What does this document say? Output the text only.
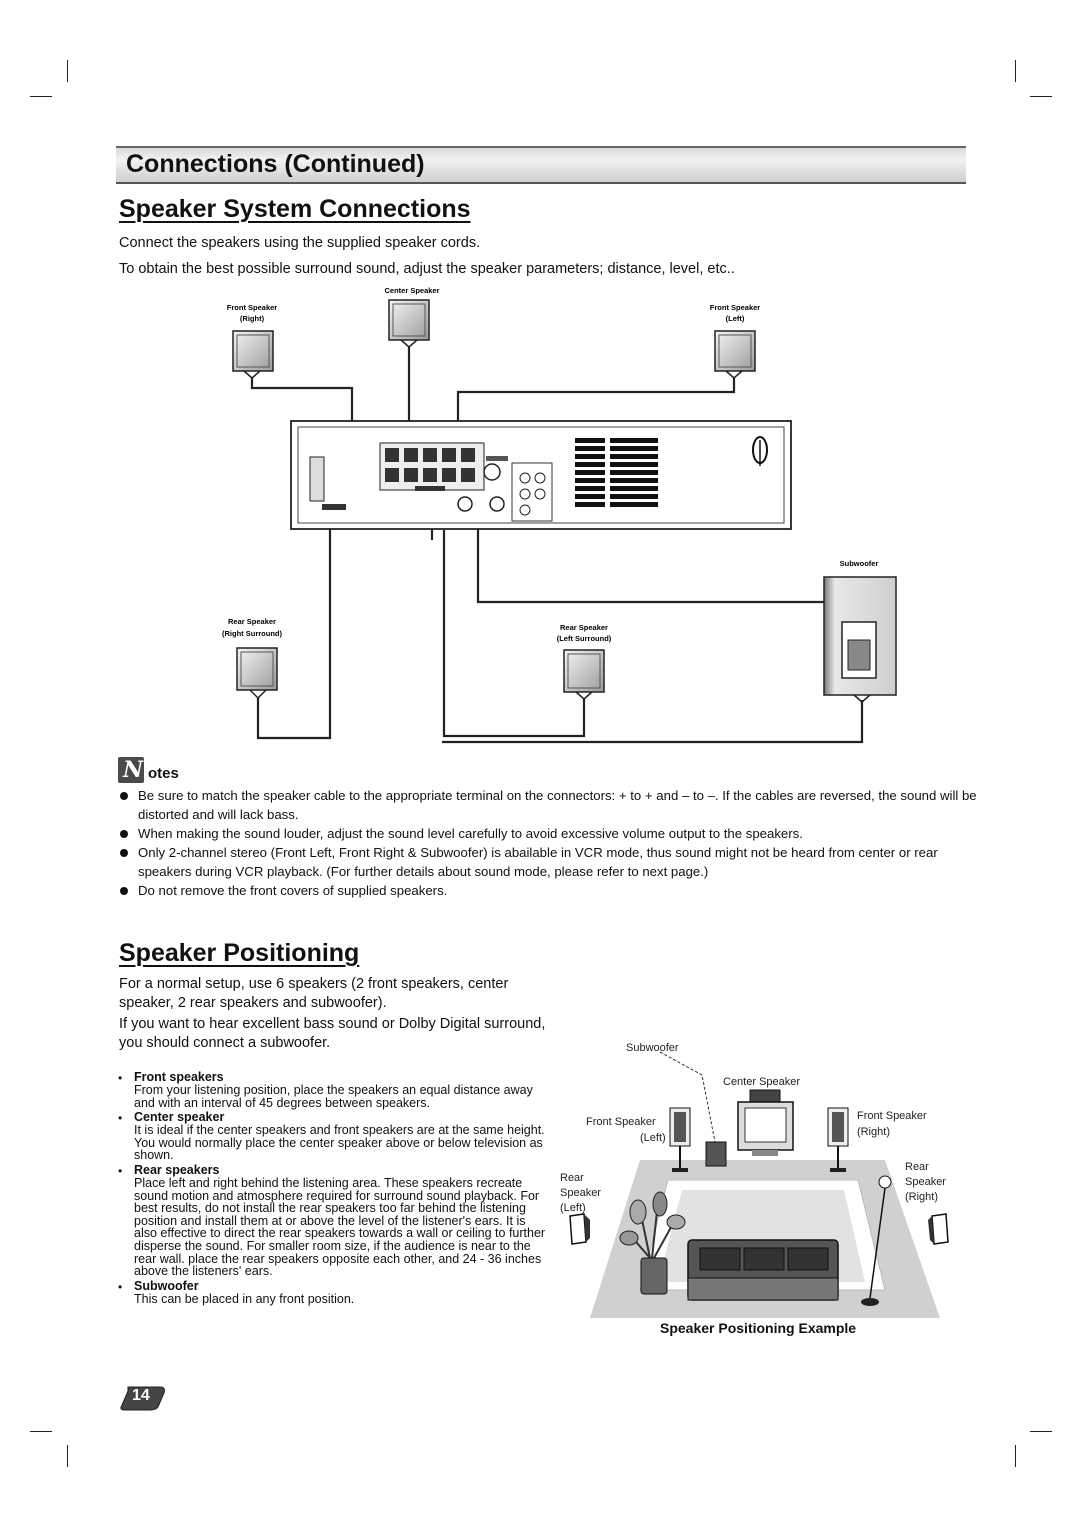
Connections (Continued)
Speaker System Connections
Connect the speakers using the supplied speaker cords.
To obtain the best possible surround sound, adjust the speaker parameters; distance, level, etc..
Front Speaker
(Right)
Center Speaker
Front Speaker
(Left)
Subwoofer
Rear Speaker
(Right Surround)
Rear Speaker
(Left Surround)
N otes
Be sure to match the speaker cable to the appropriate terminal on the connectors: + to + and – to –. If the cables are reversed, the sound will be distorted and will lack bass.
When making the sound louder, adjust the sound level carefully to avoid excessive volume output to the speakers.
Only 2-channel stereo (Front Left, Front Right & Subwoofer) is abailable in VCR mode, thus sound might not be heard from center or rear speakers during VCR playback. (For further details about sound mode, please refer to next page.)
Do not remove the front covers of supplied speakers.
Speaker Positioning
For a normal setup, use 6 speakers (2 front speakers, center speaker, 2 rear speakers and subwoofer).
If you want to hear excellent bass sound or Dolby Digital surround, you should connect a subwoofer.
• Front speakers
From your listening position, place the speakers an equal distance away and with an interval of 45 degrees between speakers.
• Center speaker
It is ideal if the center speakers and front speakers are at the same height. You would normally place the center speaker above or below television as shown.
• Rear speakers
Place left and right behind the listening area. These speakers recreate sound motion and atmosphere required for surround sound playback. For best results, do not install the rear speakers too far behind the listening position and install them at or above the level of the listener's ears. It is also effective to direct the rear speakers towards a wall or ceiling to further disperse the sound. For smaller room size, if the audience is near to the rear wall. place the rear speakers opposite each other, and 24 - 36 inches above the listeners' ears.
• Subwoofer
This can be placed in any front position.
Subwoofer
Center Speaker
Front Speaker
(Left)
Front Speaker
(Right)
Rear
Speaker
(Left)
Rear
Speaker
(Right)
Speaker Positioning Example
14
